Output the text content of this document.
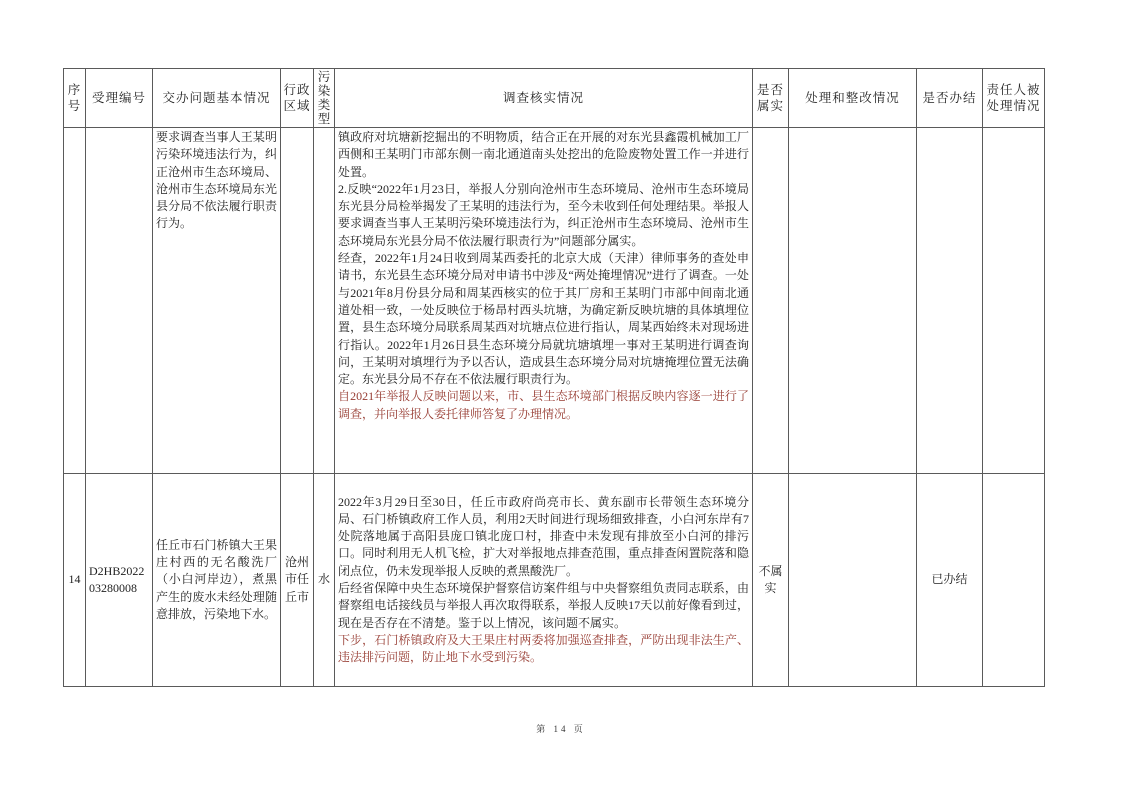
序号	受理编号	交办问题基本情况	行政区域	污染类型	调查核实情况	是否属实	处理和整改情况	是否办结	责任人被处理情况

		要求调查当事人王某明污染环境违法行为，纠正沧州市生态环境局、沧州市生态环境局东光县分局不依法履行职责行为。			镇政府对坑塘新挖掘出的不明物质，结合正在开展的对东光县鑫霞机械加工厂西侧和王某明门市部东侧一南北通道南头处挖出的危险废物处置工作一并进行处置。

2.反映“2022年1月23日，举报人分别向沧州市生态环境局、沧州市生态环境局东光县分局检举揭发了王某明的违法行为，至今未收到任何处理结果。举报人要求调查当事人王某明污染环境违法行为，纠正沧州市生态环境局、沧州市生态环境局东光县分局不依法履行职责行为”问题部分属实。

经查，2022年1月24日收到周某西委托的北京大成（天津）律师事务的查处申请书，东光县生态环境分局对申请书中涉及“两处掩埋情况”进行了调查。一处与2021年8月份县分局和周某西核实的位于其厂房和王某明门市部中间南北通道处相一致，一处反映位于杨昂村西头坑塘，为确定新反映坑塘的具体填埋位置，县生态环境分局联系周某西对坑塘点位进行指认，周某西始终未对现场进行指认。2022年1月26日县生态环境分局就坑塘填埋一事对王某明进行调查询问，王某明对填埋行为予以否认，造成县生态环境分局对坑塘掩埋位置无法确定。东光县分局不存在不依法履行职责行为。

自2021年举报人反映问题以来，市、县生态环境部门根据反映内容逐一进行了调查，并向举报人委托律师答复了办理情况。				

14	D2HB202203280008	任丘市石门桥镇大王果庄村西的无名酸洗厂（小白河岸边），煮黑产生的废水未经处理随意排放，污染地下水。	沧州市任丘市	水	2022年3月29日至30日，任丘市政府尚亮市长、黄东副市长带领生态环境分局、石门桥镇政府工作人员，利用2天时间进行现场细致排查，小白河东岸有7处院落地属于高阳县庞口镇北庞口村，排查中未发现有排放至小白河的排污口。同时利用无人机飞检，扩大对举报地点排查范围，重点排查闲置院落和隐闭点位，仍未发现举报人反映的煮黑酸洗厂。

后经省保障中央生态环境保护督察信访案件组与中央督察组负责同志联系，由督察组电话接线员与举报人再次取得联系，举报人反映17天以前好像看到过，现在是否存在不清楚。鉴于以上情况，该问题不属实。

下步，石门桥镇政府及大王果庄村两委将加强巡查排查，严防出现非法生产、违法排污问题，防止地下水受到污染。	不属实		已办结	
第 14 页
